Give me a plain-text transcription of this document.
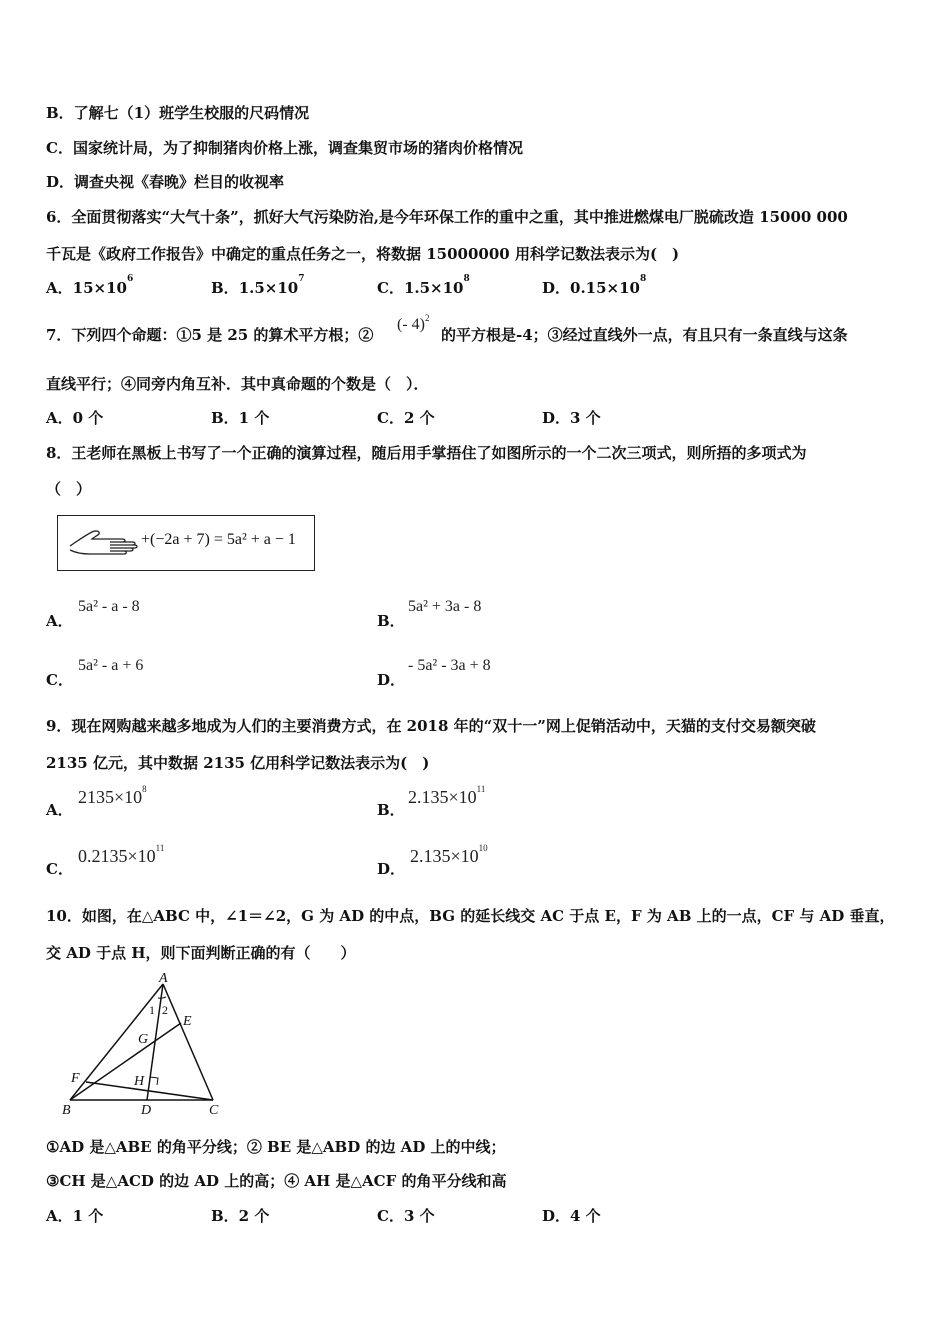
B．了解七（1）班学生校服的尺码情况
C．国家统计局，为了抑制猪肉价格上涨，调查集贸市场的猪肉价格情况
D．调查央视《春晚》栏目的收视率
6．全面贯彻落实“大气十条”，抓好大气污染防治,是今年环保工作的重中之重，其中推进燃煤电厂脱硫改造 15000 000
千瓦是《政府工作报告》中确定的重点任务之一，将数据 15000000 用科学记数法表示为(　)
A．$15\times 10^6$	B．$1.5\times 10^7$	C．$1.5\times 10^8$	D．$0.15\times 10^8$
7．下列四个命题：①5 是 25 的算术平方根；②
(- 4)$^2$
的平方根是-4；③经过直线外一点，有且只有一条直线与这条
直线平行；④同旁内角互补．其中真命题的个数是（　）．
A．0 个	B．1 个	C．2 个	D．3 个
8．王老师在黑板上书写了一个正确的演算过程，随后用手掌捂住了如图所示的一个二次三项式，则所捂的多项式为
（　）
+(−2a + 7) = 5a² + a − 1
A．
5a² - a - 8
B．
5a² + 3a - 8
C．
5a² - a + 6
D．
- 5a² - 3a + 8
9．现在网购越来越多地成为人们的主要消费方式，在 2018 年的“双十一”网上促销活动中，天猫的支付交易额突破
2135 亿元，其中数据 2135 亿用科学记数法表示为(　)
A．
$2135\times 10^8$
B．
$2.135\times 10^{11}$
C．
$0.2135\times 10^{11}$
D．
$2.135\times 10^{10}$
10．如图，在△ABC 中，∠1＝∠2，G 为 AD 的中点，BG 的延长线交 AC 于点 E，F 为 AB 上的一点，CF 与 AD 垂直，
交 AD 于点 H，则下面判断正确的有（　　）
A
B	C
D
E
F
G
H
1 2
①AD 是△ABE 的角平分线；② BE 是△ABD 的边 AD 上的中线；
③CH 是△ACD 的边 AD 上的高；④ AH 是△ACF 的角平分线和高
A．1 个	B．2 个	C．3 个	D．4 个
